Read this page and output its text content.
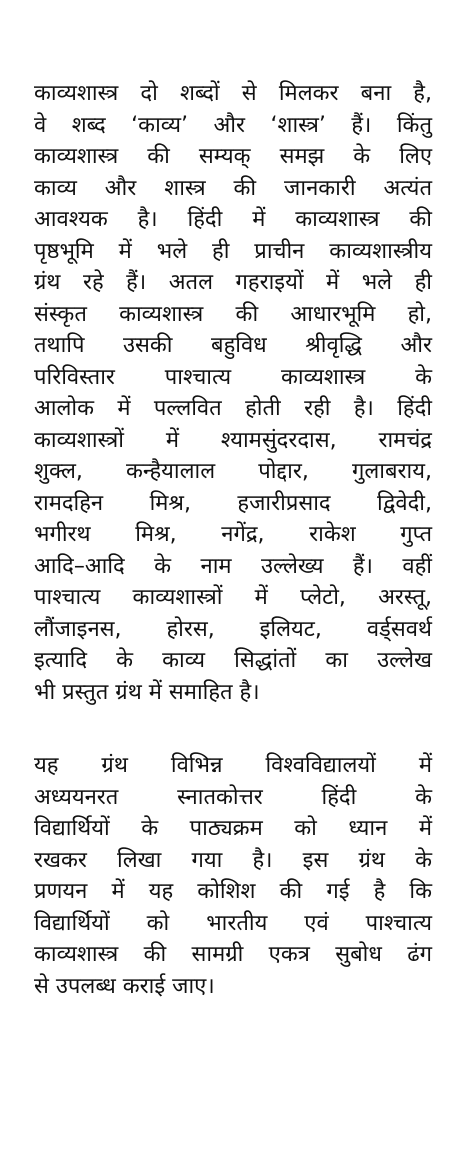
काव्यशास्त्र दो शब्दों से मिलकर बना है,
वे शब्द ‘काव्य’ और ‘शास्त्र’ हैं। किंतु
काव्यशास्त्र की सम्यक् समझ के लिए
काव्य और शास्त्र की जानकारी अत्यंत
आवश्यक है। हिंदी में काव्यशास्त्र की
पृष्ठभूमि में भले ही प्राचीन काव्यशास्त्रीय
ग्रंथ रहे हैं। अतल गहराइयों में भले ही
संस्कृत काव्यशास्त्र की आधारभूमि हो,
तथापि उसकी बहुविध श्रीवृद्धि और
परिविस्तार पाश्चात्य काव्यशास्त्र के
आलोक में पल्लवित होती रही है। हिंदी
काव्यशास्त्रों में श्यामसुंदरदास, रामचंद्र
शुक्ल, कन्हैयालाल पोद्दार, गुलाबराय,
रामदहिन मिश्र, हजारीप्रसाद द्विवेदी,
भगीरथ मिश्र, नगेंद्र, राकेश गुप्त
आदि–आदि के नाम उल्लेख्य हैं। वहीं
पाश्चात्य काव्यशास्त्रों में प्लेटो, अरस्तू,
लौंजाइनस, होरस, इलियट, वर्ड्सवर्थ
इत्यादि के काव्य सिद्धांतों का उल्लेख
भी प्रस्तुत ग्रंथ में समाहित है।

यह ग्रंथ विभिन्न विश्वविद्यालयों में
अध्ययनरत स्नातकोत्तर हिंदी के
विद्यार्थियों के पाठ्यक्रम को ध्यान में
रखकर लिखा गया है। इस ग्रंथ के
प्रणयन में यह कोशिश की गई है कि
विद्यार्थियों को भारतीय एवं पाश्चात्य
काव्यशास्त्र की सामग्री एकत्र सुबोध ढंग
से उपलब्ध कराई जाए।
